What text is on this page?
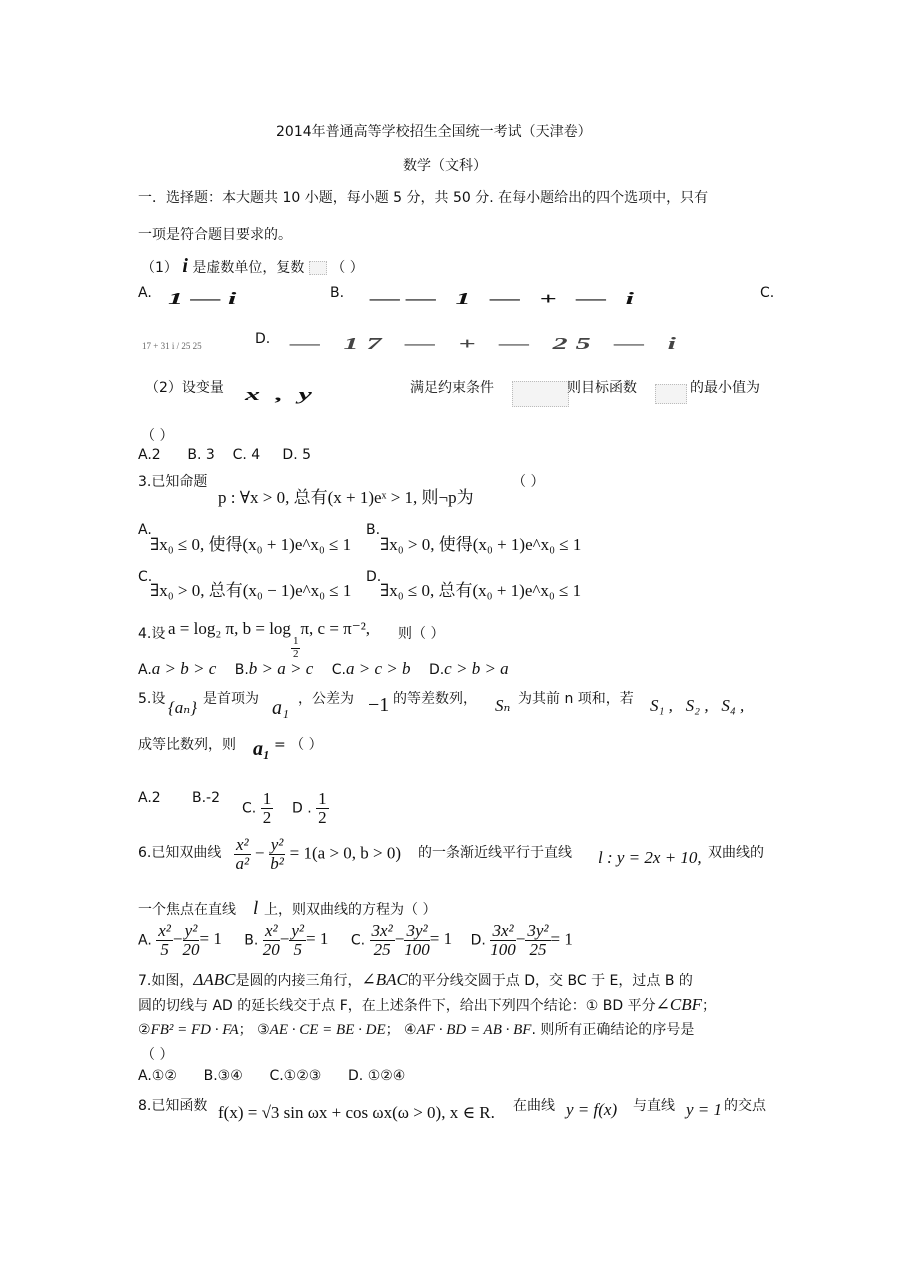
2014年普通高等学校招生全国统一考试（天津卷）
数学（文科）
一．选择题：本大题共 10 小题，每小题 5 分，共 50 分. 在每小题给出的四个选项中，只有
一项是符合题目要求的。
（1） i 是虚数单位，复数 （ ）
A. 1 — i	B. —— 1 — + — i	C.
17 + 31 i / 25 25	D. — 17 — + — 25 — i
（2）设变量 x , y	满足约束条件	则目标函数	的最小值为
（ ）
A.2      B. 3    C. 4     D. 5
3.已知命题
p : ∀x > 0, 总有(x + 1)eˣ > 1, 则¬p为
（ ）
A.
∃x₀ ≤ 0, 使得(x₀ + 1)e^x₀ ≤ 1
B.
∃x₀ > 0, 使得(x₀ + 1)e^x₀ ≤ 1
C.
∃x₀ > 0, 总有(x₀ − 1)e^x₀ ≤ 1
D.
∃x₀ ≤ 0, 总有(x₀ + 1)e^x₀ ≤ 1
4.设 a = log₂ π, b = log
$\frac{1}{2}$
π, c = π⁻², 则（ ）
A.a > b > c B.b > a > c C.a > c > b D.c > b > a
5.设 {aₙ} 是首项为 a₁ ，公差为 −1 的等差数列， Sₙ 为其前 n 项和，若 S₁ ,   S₂ ,   S₄ ,
成等比数列，则 a₁ = （ ）
A.2 B.-2
C. $\frac{1}{2}$ D . $\frac{1}{2}$
6.已知双曲线 $\frac{\text{x²}}{\text{a²}} - \frac{\text{y²}}{\text{b²}} = 1(a > 0$, b > 0) 的一条渐近线平行于直线 l : y = 2x + 10, 双曲线的
一个焦点在直线 l 上，则双曲线的方程为（ ）
A. $\frac{\text{x²}}{5} - \frac{\text{y²}}{20} = 1$ B. $\frac{\text{x²}}{20} - \frac{\text{y²}}{5} = 1$ C. $\frac{\text{3x²}}{25} - \frac{\text{3y²}}{100} = 1$ D. $\frac{\text{3x²}}{100} - \frac{\text{3y²}}{25} = 1$
7.如图，ΔABC是圆的内接三角行，∠BAC的平分线交圆于点 D，交 BC 于 E，过点 B 的
圆的切线与 AD 的延长线交于点 F，在上述条件下，给出下列四个结论：① BD 平分∠CBF；
②FB² = FD · FA； ③AE · CE = BE · DE； ④AF · BD = AB · BF. 则所有正确结论的序号是
（ ）
A.①②      B.③④      C.①②③      D. ①②④
8.已知函数 f(x) = √3 sin ωx + cos ωx(ω > 0), x ∈ R. 在曲线 y = f(x) 与直线 y = 1 的交点
